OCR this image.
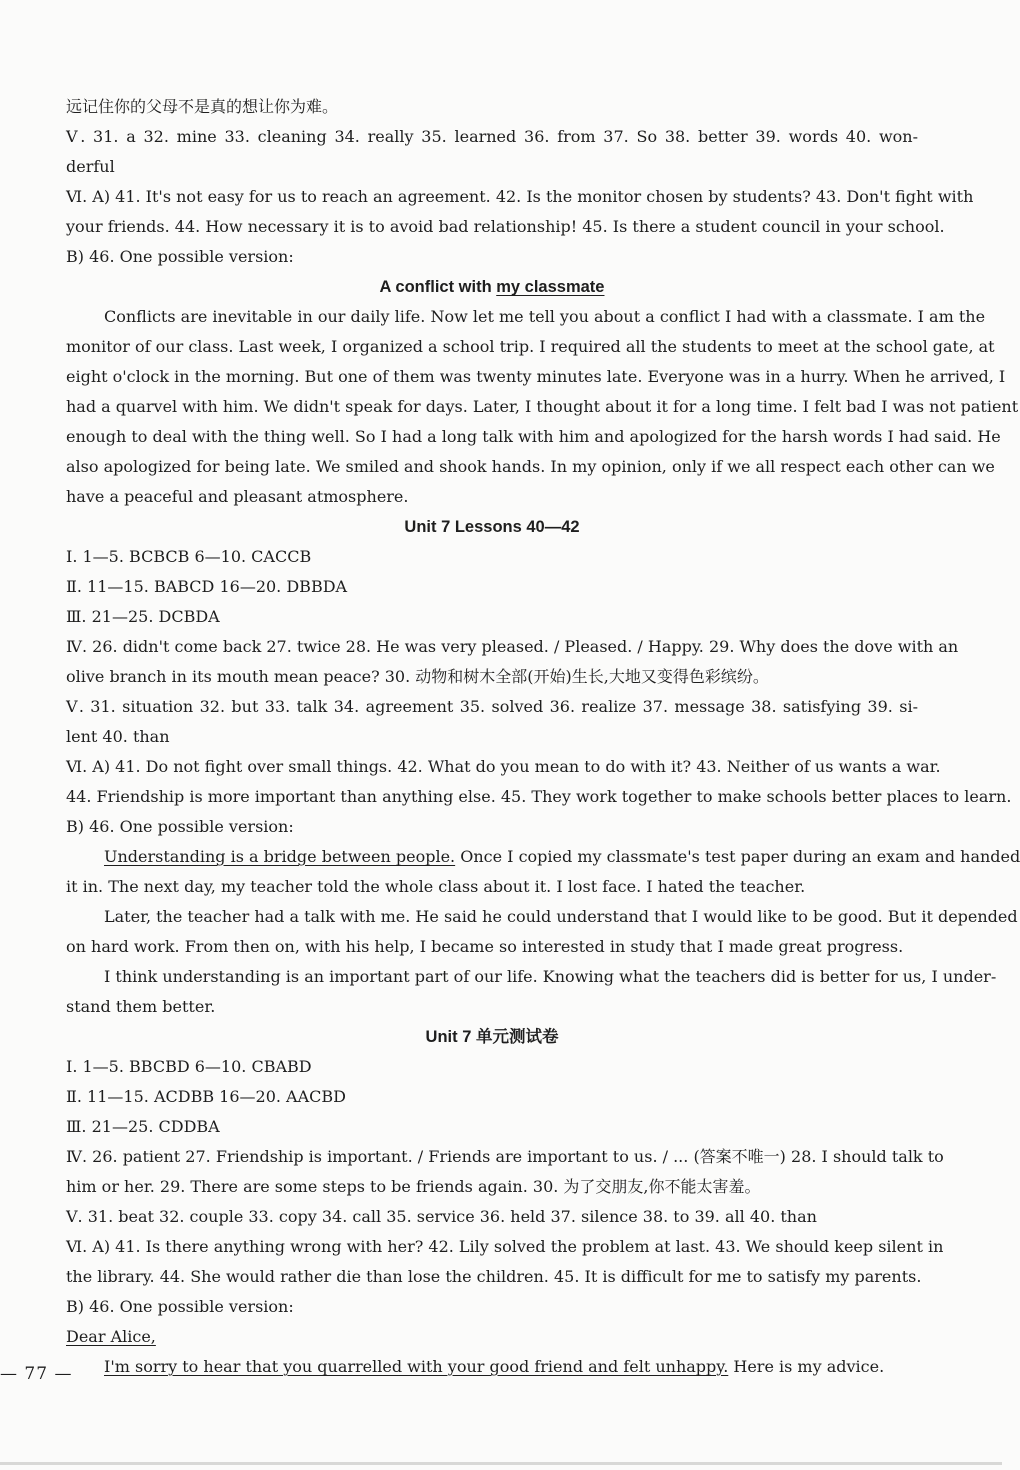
远记住你的父母不是真的想让你为难。
Ⅴ. 31. a 32. mine 33. cleaning 34. really 35. learned 36. from 37. So 38. better 39. words 40. won-
derful
Ⅵ. A) 41. It's not easy for us to reach an agreement. 42. Is the monitor chosen by students? 43. Don't fight with
your friends. 44. How necessary it is to avoid bad relationship! 45. Is there a student council in your school.
B) 46. One possible version:
A conflict with my classmate
Conflicts are inevitable in our daily life. Now let me tell you about a conflict I had with a classmate. I am the
monitor of our class. Last week, I organized a school trip. I required all the students to meet at the school gate, at
eight o'clock in the morning. But one of them was twenty minutes late. Everyone was in a hurry. When he arrived, I
had a quarvel with him. We didn't speak for days. Later, I thought about it for a long time. I felt bad I was not patient
enough to deal with the thing well. So I had a long talk with him and apologized for the harsh words I had said. He
also apologized for being late. We smiled and shook hands. In my opinion, only if we all respect each other can we
have a peaceful and pleasant atmosphere.
Unit 7 Lessons 40—42
Ⅰ. 1—5. BCBCB 6—10. CACCB
Ⅱ. 11—15. BABCD 16—20. DBBDA
Ⅲ. 21—25. DCBDA
Ⅳ. 26. didn't come back 27. twice 28. He was very pleased. / Pleased. / Happy. 29. Why does the dove with an
olive branch in its mouth mean peace? 30. 动物和树木全部(开始)生长,大地又变得色彩缤纷。
Ⅴ. 31. situation 32. but 33. talk 34. agreement 35. solved 36. realize 37. message 38. satisfying 39. si-
lent 40. than
Ⅵ. A) 41. Do not fight over small things. 42. What do you mean to do with it? 43. Neither of us wants a war.
44. Friendship is more important than anything else. 45. They work together to make schools better places to learn.
B) 46. One possible version:
Understanding is a bridge between people. Once I copied my classmate's test paper during an exam and handed
it in. The next day, my teacher told the whole class about it. I lost face. I hated the teacher.
Later, the teacher had a talk with me. He said he could understand that I would like to be good. But it depended
on hard work. From then on, with his help, I became so interested in study that I made great progress.
I think understanding is an important part of our life. Knowing what the teachers did is better for us, I under-
stand them better.
Unit 7 单元测试卷
Ⅰ. 1—5. BBCBD 6—10. CBABD
Ⅱ. 11—15. ACDBB 16—20. AACBD
Ⅲ. 21—25. CDDBA
Ⅳ. 26. patient 27. Friendship is important. / Friends are important to us. / ... (答案不唯一) 28. I should talk to
him or her. 29. There are some steps to be friends again. 30. 为了交朋友,你不能太害羞。
Ⅴ. 31. beat 32. couple 33. copy 34. call 35. service 36. held 37. silence 38. to 39. all 40. than
Ⅵ. A) 41. Is there anything wrong with her? 42. Lily solved the problem at last. 43. We should keep silent in
the library. 44. She would rather die than lose the children. 45. It is difficult for me to satisfy my parents.
B) 46. One possible version:
Dear Alice,
I'm sorry to hear that you quarrelled with your good friend and felt unhappy. Here is my advice.
— 77 —
